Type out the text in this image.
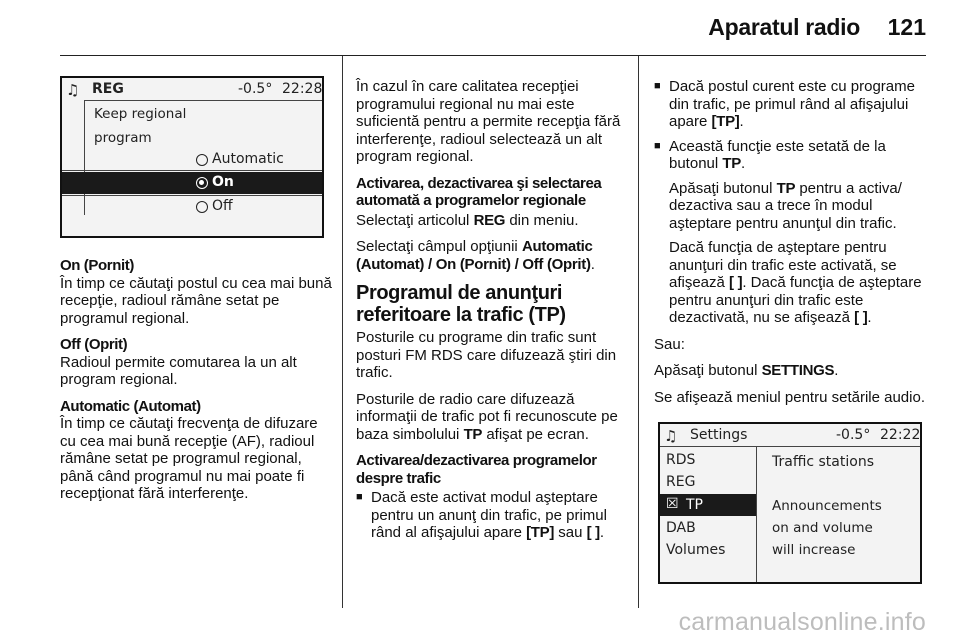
Aparatul radio	121
♫ REG	-0.5° 22:28
Keep regional
program
Automatic
On
Off
On (Pornit)

În timp ce căutaţi postul cu cea mai bună recepţie, radioul rămâne setat pe programul regional.

Off (Oprit)

Radioul permite comutarea la un alt program regional.

Automatic (Automat)

În timp ce căutaţi frecvenţa de difuzare cu cea mai bună recepţie (AF), radioul rămâne setat pe programul regional, până când programul nu mai poate fi recepţionat fără interferenţe.

În cazul în care calitatea recepţiei programului regional nu mai este suficientă pentru a permite recepţia fără interferenţe, radioul selectează un alt program regional.

Activarea, dezactivarea şi selectarea automată a programelor regionale

Selectaţi articolul REG din meniu.

Selectaţi câmpul opţiunii Automatic (Automat) / On (Pornit) / Off (Oprit).

Programul de anunţuri referitoare la trafic (TP)

Posturile cu programe din trafic sunt posturi FM RDS care difuzează ştiri din trafic.

Posturile de radio care difuzează informaţii de trafic pot fi recunoscute pe baza simbolului TP afişat pe ecran.

Activarea/dezactivarea programelor despre trafic
■ Dacă este activat modul aşteptare pentru un anunţ din trafic, pe primul rând al afişajului apare [TP] sau [ ].
■ Dacă postul curent este cu programe din trafic, pe primul rând al afişajului apare [TP].
■ Această funcţie este setată de la butonul TP.

Apăsaţi butonul TP pentru a activa/ dezactiva sau a trece în modul aşteptare pentru anunţul din trafic.

Dacă funcţia de aşteptare pentru anunţuri din trafic este activată, se afişează [ ]. Dacă funcţia de aşteptare pentru anunţuri din trafic este dezactivată, nu se afişează [ ].

Sau:

Apăsaţi butonul SETTINGS.

Se afişează meniul pentru setările audio.

♫ Settings	-0.5° 22:22
RDS
REG
☒ TP
DAB
Volumes
Traffic stations
Announcements
on and volume
will increase
carmanualsonline.info
